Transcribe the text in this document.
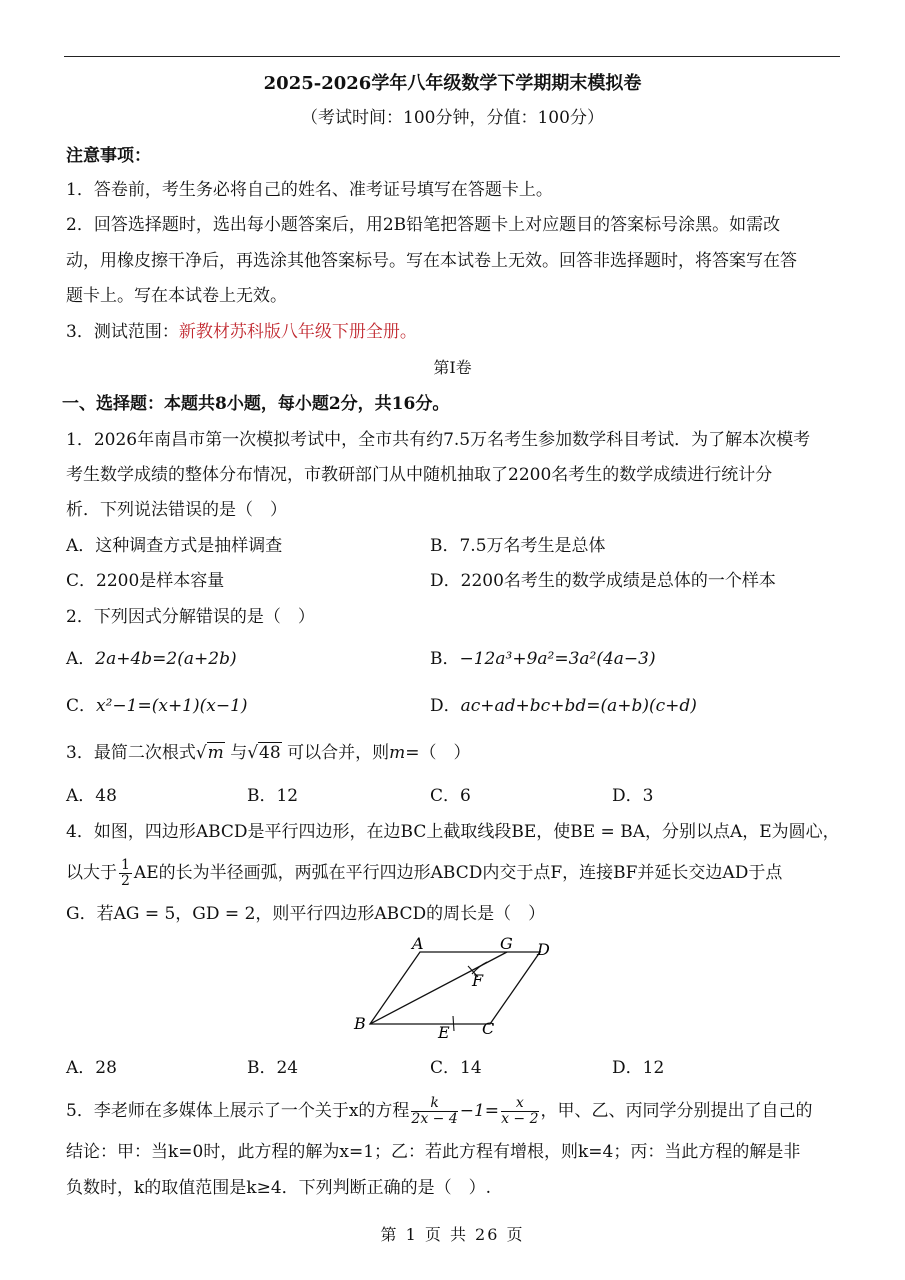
2025-2026学年八年级数学下学期期末模拟卷
（考试时间：100分钟，分值：100分）
注意事项：
1．答卷前，考生务必将自己的姓名、准考证号填写在答题卡上。
2．回答选择题时，选出每小题答案后，用2B铅笔把答题卡上对应题目的答案标号涂黑。如需改
动，用橡皮擦干净后，再选涂其他答案标号。写在本试卷上无效。回答非选择题时，将答案写在答
题卡上。写在本试卷上无效。
3．测试范围：新教材苏科版八年级下册全册。
第Ⅰ卷
一、选择题：本题共8小题，每小题2分，共16分。
1．2026年南昌市第一次模拟考试中，全市共有约7.5万名考生参加数学科目考试．为了解本次模考
考生数学成绩的整体分布情况，市教研部门从中随机抽取了2200名考生的数学成绩进行统计分
析．下列说法错误的是（　）
A．这种调查方式是抽样调查	B．7.5万名考生是总体
C．2200是样本容量	D．2200名考生的数学成绩是总体的一个样本
2．下列因式分解错误的是（　）
A．2a+4b=2(a+2b)	B．−12a³+9a²=3a²(4a−3)
C．x²−1=(x+1)(x−1)	D．ac+ad+bc+bd=(a+b)(c+d)
3．最简二次根式√m 与√48 可以合并，则m=（　）
A．48	B．12	C．6	D．3
4．如图，四边形ABCD是平行四边形，在边BC上截取线段BE，使BE = BA，分别以点A，E为圆心，
以大于 $\frac{1}{2}$ AE的长为半径画弧，两弧在平行四边形ABCD内交于点F，连接BF并延长交边AD于点
G．若AG = 5，GD = 2，则平行四边形ABCD的周长是（　）
A	G D
F
B	E C
A．28	B．24	C．14	D．12
5．李老师在多媒体上展示了一个关于x的方程 $\frac{k}{2x - 4} -1= \frac{x}{x - 2}$ ，甲、乙、丙同学分别提出了自己的
结论：甲：当k=0时，此方程的解为x=1；乙：若此方程有增根，则k=4；丙：当此方程的解是非
负数时，k的取值范围是k≥4．下列判断正确的是（　）.
第 1 页 共 26 页
